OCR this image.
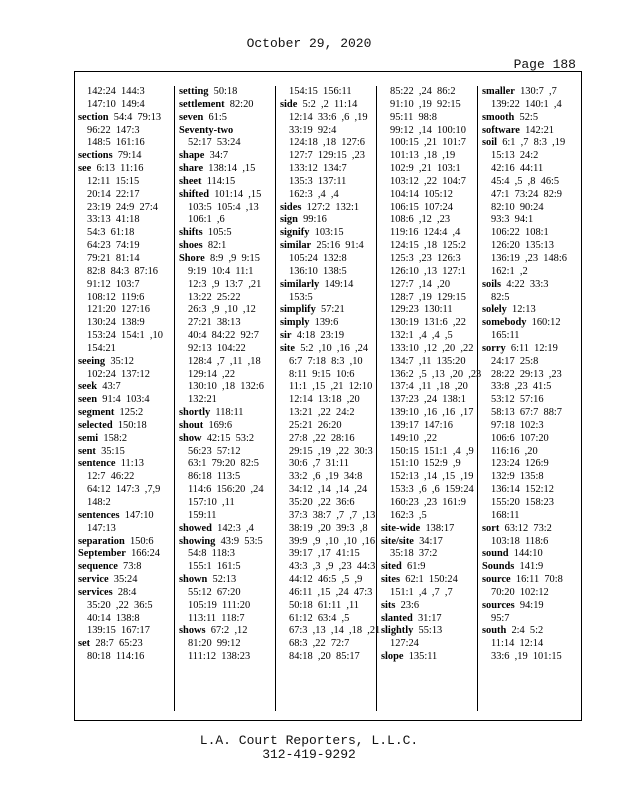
October 29, 2020
Page 188
142:24  144:3
147:10  149:4
section  54:4  79:13
96:22  147:3
148:5  161:16
sections  79:14
see  6:13  11:16
12:11  15:15
20:14  22:17
23:19  24:9  27:4
33:13  41:18
54:3  61:18
64:23  74:19
79:21  81:14
82:8  84:3  87:16
91:12  103:7
108:12  119:6
121:20  127:16
130:24  138:9
153:24  154:1  ,10
154:21
seeing  35:12
102:24  137:12
seek  43:7
seen  91:4  103:4
segment  125:2
selected  150:18
semi  158:2
sent  35:15
sentence  11:13
12:7  46:22
64:12  147:3  ,7,9
148:2
sentences  147:10
147:13
separation  150:6
September  166:24
sequence  73:8
service  35:24
services  28:4
35:20  ,22  36:5
40:14  138:8
139:15  167:17
set  28:7  65:23
80:18  114:16
setting  50:18
settlement  82:20
seven  61:5
Seventy-two
52:17  53:24
shape  34:7
share  138:14  ,15
sheet  114:15
shifted  101:14  ,15
103:5  105:4  ,13
106:1  ,6
shifts  105:5
shoes  82:1
Shore  8:9  ,9  9:15
9:19  10:4  11:1
12:3  ,9  13:7  ,21
13:22  25:22
26:3  ,9  ,10  ,12
27:21  38:13
40:4  84:22  92:7
92:13  104:22
128:4  ,7  ,11  ,18
129:14  ,22
130:10  ,18  132:6
132:21
shortly  118:11
shout  169:6
show  42:15  53:2
56:23  57:12
63:1  79:20  82:5
86:18  113:5
114:6  156:20  ,24
157:10  ,11
159:11
showed  142:3  ,4
showing  43:9  53:5
54:8  118:3
155:1  161:5
shown  52:13
55:12  67:20
105:19  111:20
113:11  118:7
shows  67:2  ,12
81:20  99:12
111:12  138:23
154:15  156:11
side  5:2  ,2  11:14
12:14  33:6  ,6  ,19
33:19  92:4
124:18  ,18  127:6
127:7  129:15  ,23
133:12  134:7
135:3  137:11
162:3  ,4  ,4
sides  127:2  132:1
sign  99:16
signify  103:15
similar  25:16  91:4
105:24  132:8
136:10  138:5
similarly  149:14
153:5
simplify  57:21
simply  139:6
sir  4:18  23:19
site  5:2  ,10  ,16  ,24
6:7  7:18  8:3  ,10
8:11  9:15  10:6
11:1  ,15  ,21  12:10
12:14  13:18  ,20
13:21  ,22  24:2
25:21  26:20
27:8  ,22  28:16
29:15  ,19  ,22  30:3
30:6  ,7  31:11
33:2  ,6  ,19  34:8
34:12  ,14  ,14  ,24
35:20  ,22  36:6
37:3  38:7  ,7  ,7  ,13
38:19  ,20  39:3  ,8
39:9  ,9  ,10  ,10  ,16
39:17  ,17  41:15
43:3  ,3  ,9  ,23  44:3
44:12  46:5  ,5  ,9
46:11  ,15  ,24  47:3
50:18  61:11  ,11
61:12  63:4  ,5
67:3  ,13  ,14  ,18  ,21
68:3  ,22  72:7
84:18  ,20  85:17
85:22  ,24  86:2
91:10  ,19  92:15
95:11  98:8
99:12  ,14  100:10
100:15  ,21  101:7
101:13  ,18  ,19
102:9  ,21  103:1
103:12  ,22  104:7
104:14  105:12
106:15  107:24
108:6  ,12  ,23
119:16  124:4  ,4
124:15  ,18  125:2
125:3  ,23  126:3
126:10  ,13  127:1
127:7  ,14  ,20
128:7  ,19  129:15
129:23  130:11
130:19  131:6  ,22
132:1  ,4  ,4  ,5
133:10  ,12  ,20  ,22
134:7  ,11  135:20
136:2  ,5  ,13  ,20  ,23
137:4  ,11  ,18  ,20
137:23  ,24  138:1
139:10  ,16  ,16  ,17
139:17  147:16
149:10  ,22
150:15  151:1  ,4  ,9
151:10  152:9  ,9
152:13  ,14  ,15  ,19
153:3  ,6  ,6  159:24
160:23  ,23  161:9
162:3  ,5
site-wide  138:17
site/site  34:17
35:18  37:2
sited  61:9
sites  62:1  150:24
151:1  ,4  ,7  ,7
sits  23:6
slanted  31:17
slightly  55:13
127:24
slope  135:11
smaller  130:7  ,7
139:22  140:1  ,4
smooth  52:5
software  142:21
soil  6:1  ,7  8:3  ,19
15:13  24:2
42:16  44:11
45:4  ,5  ,8  46:5
47:1  73:24  82:9
82:10  90:24
93:3  94:1
106:22  108:1
126:20  135:13
136:19  ,23  148:6
162:1  ,2
soils  4:22  33:3
82:5
solely  12:13
somebody  160:12
165:11
sorry  6:11  12:19
24:17  25:8
28:22  29:13  ,23
33:8  ,23  41:5
53:12  57:16
58:13  67:7  88:7
97:18  102:3
106:6  107:20
116:16  ,20
123:24  126:9
132:9  135:8
136:14  152:12
155:20  158:23
168:11
sort  63:12  73:2
103:18  118:6
sound  144:10
Sounds  141:9
source  16:11  70:8
70:20  102:12
sources  94:19
95:7
south  2:4  5:2
11:14  12:14
33:6  ,19  101:15
L.A. Court Reporters, L.L.C.
312-419-9292
